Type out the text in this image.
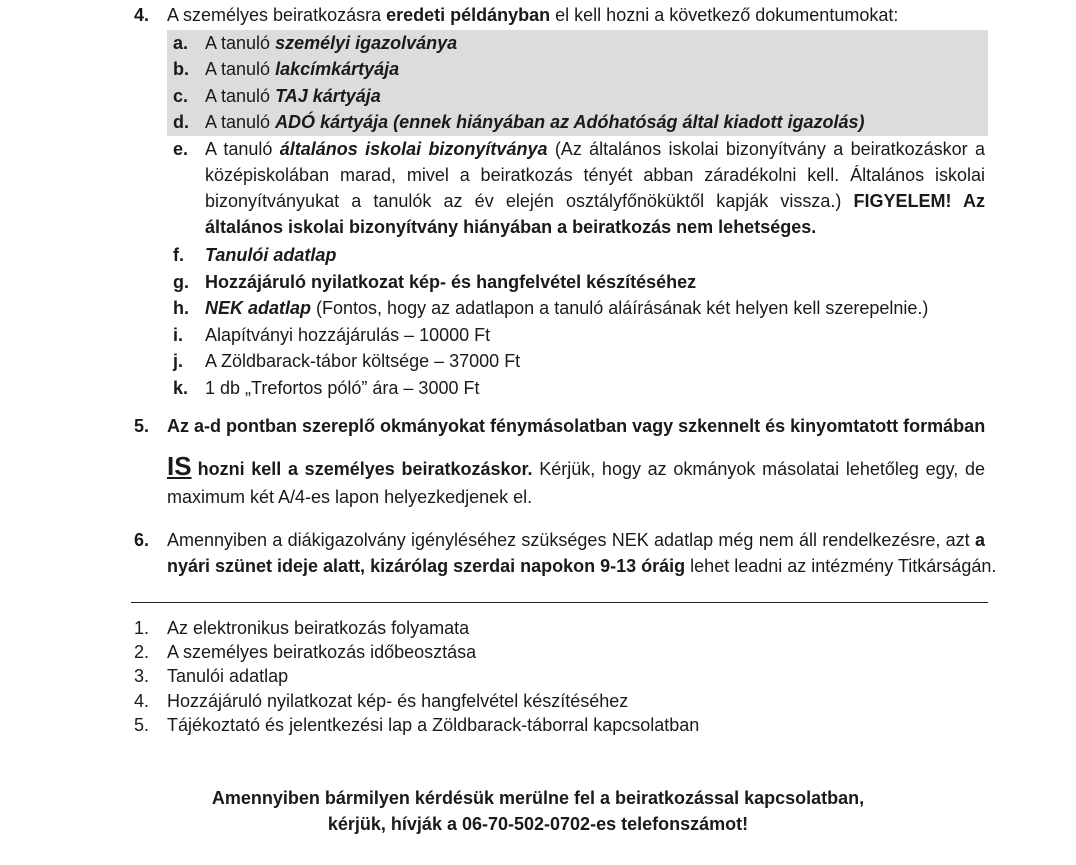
4. A személyes beiratkozásra eredeti példányban el kell hozni a következő dokumentumokat:
a. A tanuló személyi igazolványa
b. A tanuló lakcímkártyája
c. A tanuló TAJ kártyája
d. A tanuló ADÓ kártyája (ennek hiányában az Adóhatóság által kiadott igazolás)
e. A tanuló általános iskolai bizonyítványa (Az általános iskolai bizonyítvány a beiratkozáskor a
középiskolában marad, mivel a beiratkozás tényét abban záradékolni kell. Általános iskolai
bizonyítványukat a tanulók az év elején osztályfőnöküktől kapják vissza.) FIGYELEM! Az
általános iskolai bizonyítvány hiányában a beiratkozás nem lehetséges.
f. Tanulói adatlap
g. Hozzájáruló nyilatkozat kép- és hangfelvétel készítéséhez
h. NEK adatlap (Fontos, hogy az adatlapon a tanuló aláírásának két helyen kell szerepelnie.)
i. Alapítványi hozzájárulás – 10000 Ft
j. A Zöldbarack-tábor költsége – 37000 Ft
k. 1 db „Trefortos póló” ára – 3000 Ft
5. Az a-d pontban szereplő okmányokat fénymásolatban vagy szkennelt és kinyomtatott formában
IS hozni kell a személyes beiratkozáskor. Kérjük, hogy az okmányok másolatai lehetőleg egy, de
maximum két A/4-es lapon helyezkedjenek el.
6. Amennyiben a diákigazolvány igényléséhez szükséges NEK adatlap még nem áll rendelkezésre, azt a
nyári szünet ideje alatt, kizárólag szerdai napokon 9-13 óráig lehet leadni az intézmény Titkárságán.
1. Az elektronikus beiratkozás folyamata
2. A személyes beiratkozás időbeosztása
3. Tanulói adatlap
4. Hozzájáruló nyilatkozat kép- és hangfelvétel készítéséhez
5. Tájékoztató és jelentkezési lap a Zöldbarack-táborral kapcsolatban
Amennyiben bármilyen kérdésük merülne fel a beiratkozással kapcsolatban,
kérjük, hívják a 06-70-502-0702-es telefonszámot!
